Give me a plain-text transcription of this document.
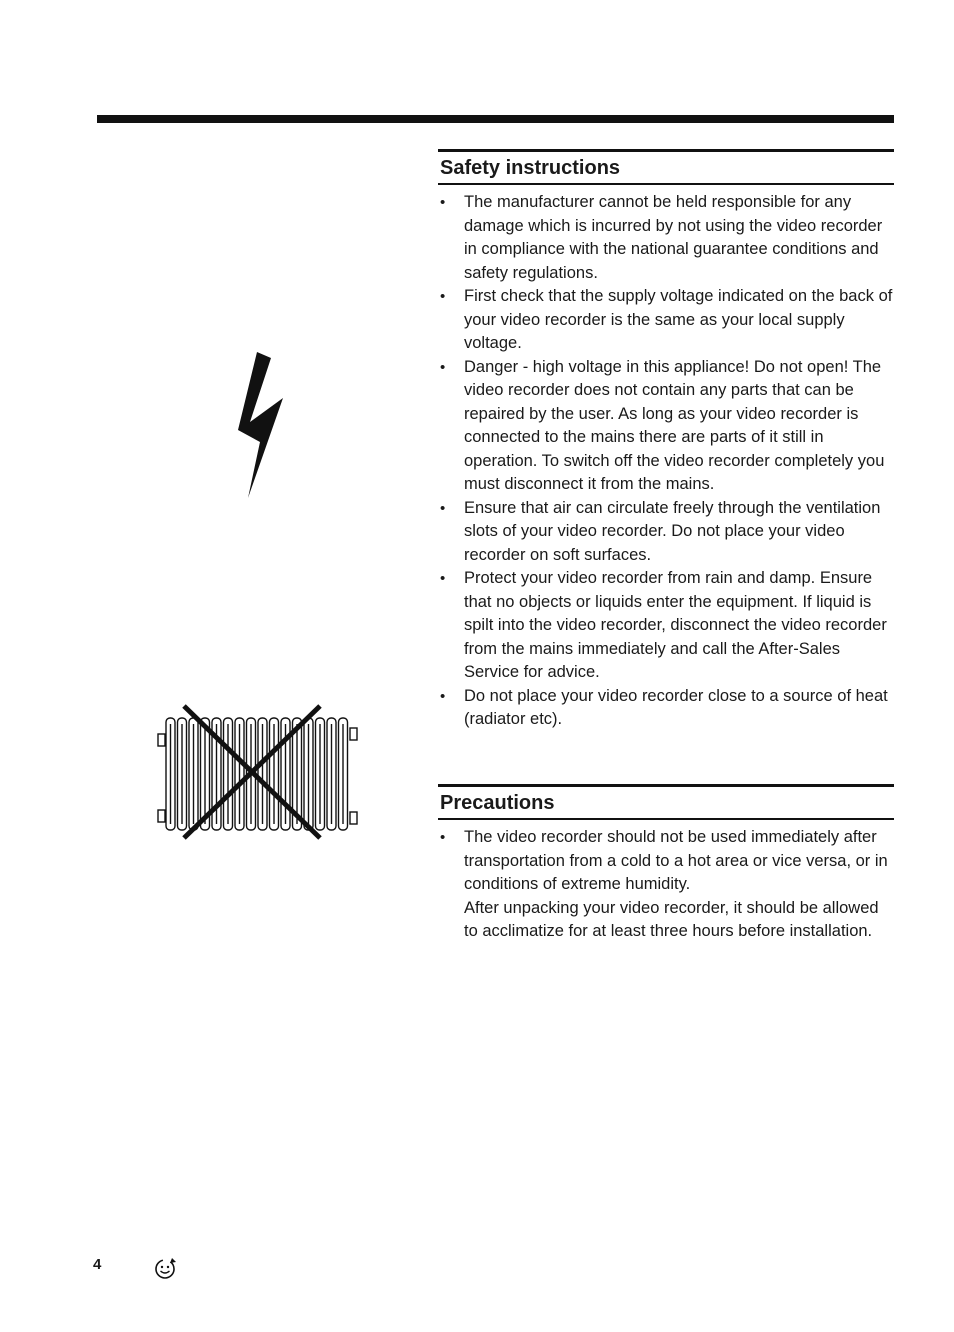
Safety instructions
• The manufacturer cannot be held responsible for any damage which is incurred by not using the video recorder in compliance with the national guarantee conditions and safety regulations.
• First check that the supply voltage indicated on the back of your video recorder is the same as your local supply voltage.
• Danger - high voltage in this appliance! Do not open! The video recorder does not contain any parts that can be repaired by the user. As long as your video recorder is connected to the mains there are parts of it still in operation. To switch off the video recorder completely you must disconnect it from the mains.
• Ensure that air can circulate freely through the ventilation slots of your video recorder. Do not place your video recorder on soft surfaces.
• Protect your video recorder from rain and damp. Ensure that no objects or liquids enter the equipment. If liquid is spilt into the video recorder, disconnect the video recorder from the mains immediately and call the After-Sales Service for advice.
• Do not place your video recorder close to a source of heat (radiator etc).
Precautions
• The video recorder should not be used immediately after transportation from a cold to a hot area or vice versa, or in conditions of extreme humidity.
After unpacking your video recorder, it should be allowed to acclimatize for at least three hours before installation.
4
